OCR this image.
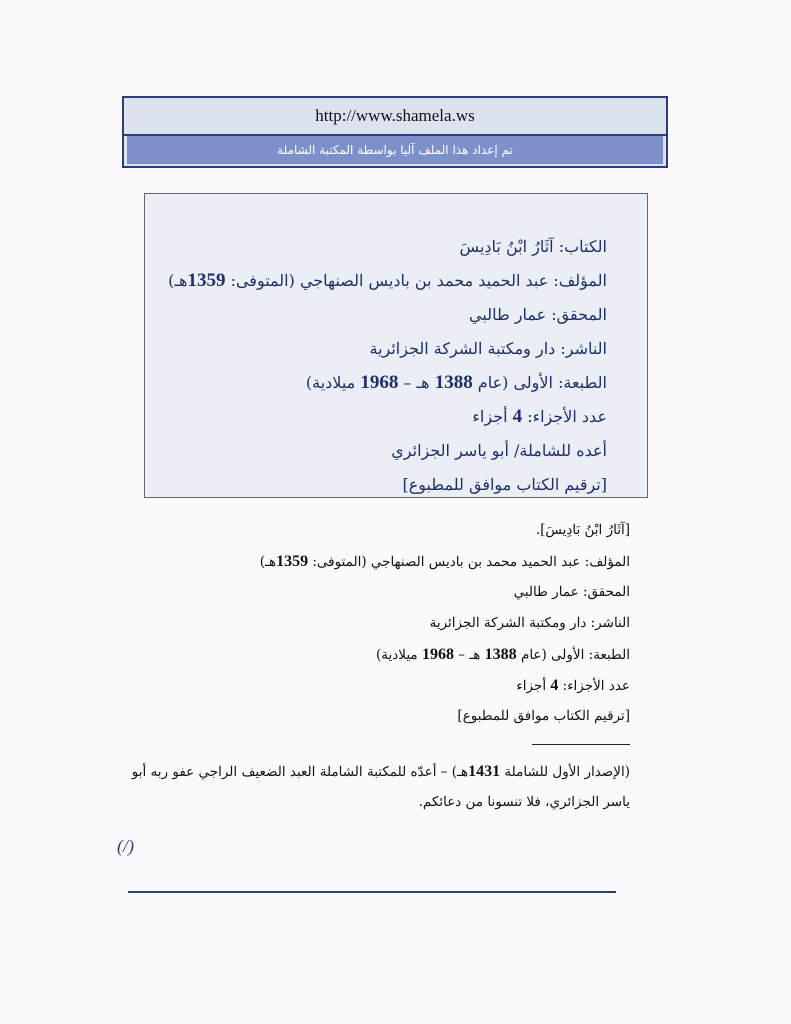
http://www.shamela.ws
تم إعداد هذا الملف آليا بواسطة المكتبة الشاملة
الكتاب: آثَارُ ابْنُ بَادِيسَ
المؤلف: عبد الحميد محمد بن باديس الصنهاجي (المتوفى: 1359هـ)
المحقق: عمار طالبي
الناشر: دار ومكتبة الشركة الجزائرية
الطبعة: الأولى (عام 1388 هـ – 1968 ميلادية)
عدد الأجزاء: 4 أجزاء
أعده للشاملة/ أبو ياسر الجزائري
[ترقيم الكتاب موافق للمطبوع]
[آثَارُ ابْنُ بَادِيسَ].
المؤلف: عبد الحميد محمد بن باديس الصنهاجي (المتوفى: 1359هـ)
المحقق: عمار طالبي
الناشر: دار ومكتبة الشركة الجزائرية
الطبعة: الأولى (عام 1388 هـ – 1968 ميلادية)
عدد الأجزاء: 4 أجزاء
[ترقيم الكتاب موافق للمطبوع]
(الإصدار الأول للشاملة 1431هـ) – أعدّه للمكتبة الشاملة العبد الضعيف الراجي عفو ربه أبو ياسر الجزائري، فلا تنسونا من دعائكم.
(/)
